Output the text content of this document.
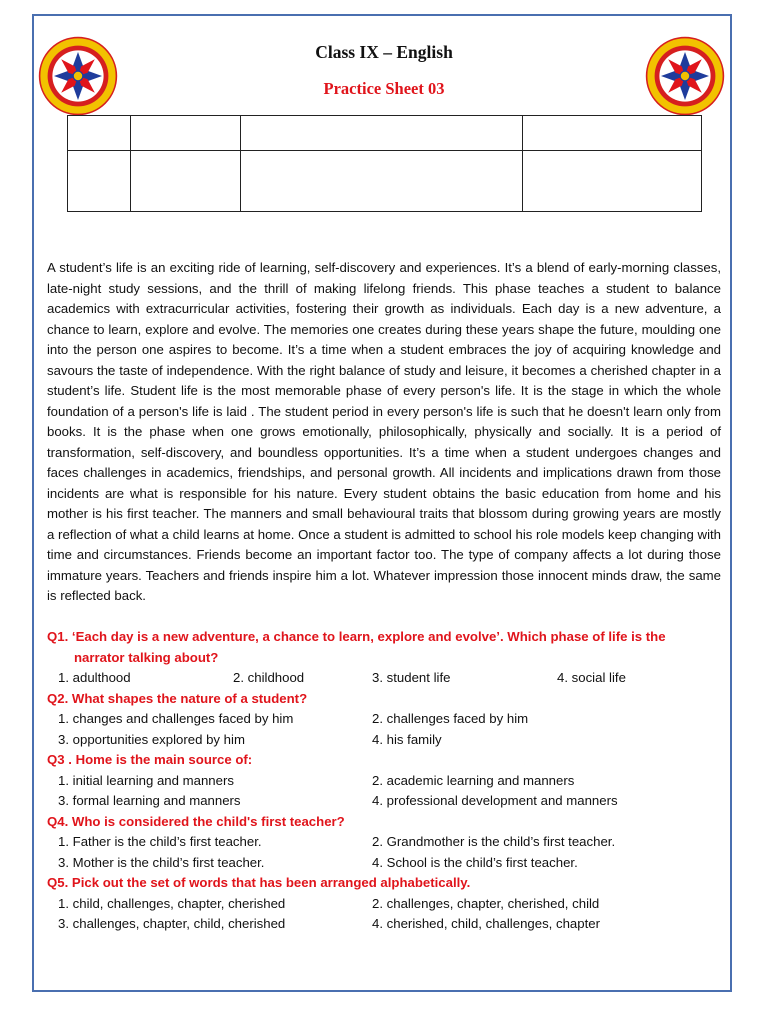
Class IX – English
Practice Sheet 03

A student’s life is an exciting ride of learning, self-discovery and experiences. It’s a blend of early-morning classes, late-night study sessions, and the thrill of making lifelong friends. This phase teaches a student to balance academics with extracurricular activities, fostering their growth as individuals. Each day is a new adventure, a chance to learn, explore and evolve. The memories one creates during these years shape the future, moulding one into the person one aspires to become. It’s a time when a student embraces the joy of acquiring knowledge and savours the taste of independence. With the right balance of study and leisure, it becomes a cherished chapter in a student’s life. Student life is the most memorable phase of every person's life. It is the stage in which the whole foundation of a person's life is laid . The student period in every person's life is such that he doesn't learn only from books. It is the phase when one grows emotionally, philosophically, physically and socially. It is a period of transformation, self-discovery, and boundless opportunities. It’s a time when a student undergoes changes and faces challenges in academics, friendships, and personal growth. All incidents and implications drawn from those incidents are what is responsible for his nature. Every student obtains the basic education from home and his mother is his first teacher. The manners and small behavioural traits that blossom during growing years are mostly a reflection of what a child learns at home. Once a student is admitted to school his role models keep changing with time and circumstances. Friends become an important factor too. The type of company affects a lot during those immature years. Teachers and friends inspire him a lot. Whatever impression those innocent minds draw, the same is reflected back.

Q1. ‘Each day is a new adventure, a chance to learn, explore and evolve’. Which phase of life is the
narrator talking about?
1. adulthood	2. childhood	3. student life	4. social life
Q2. What shapes the nature of a student?
1. changes and challenges faced by him	2. challenges faced by him
3. opportunities explored by him	4. his family
Q3 . Home is the main source of:
1. initial learning and manners	2. academic learning and manners
3. formal learning and manners	4. professional development and manners
Q4. Who is considered the child's first teacher?
1. Father is the child’s first teacher.	2. Grandmother is the child’s first teacher.
3. Mother is the child’s first teacher.	4. School is the child’s first teacher.
Q5. Pick out the set of words that has been arranged alphabetically.
1. child, challenges, chapter, cherished	2. challenges, chapter, cherished, child
3. challenges, chapter, child, cherished	4. cherished, child, challenges, chapter
